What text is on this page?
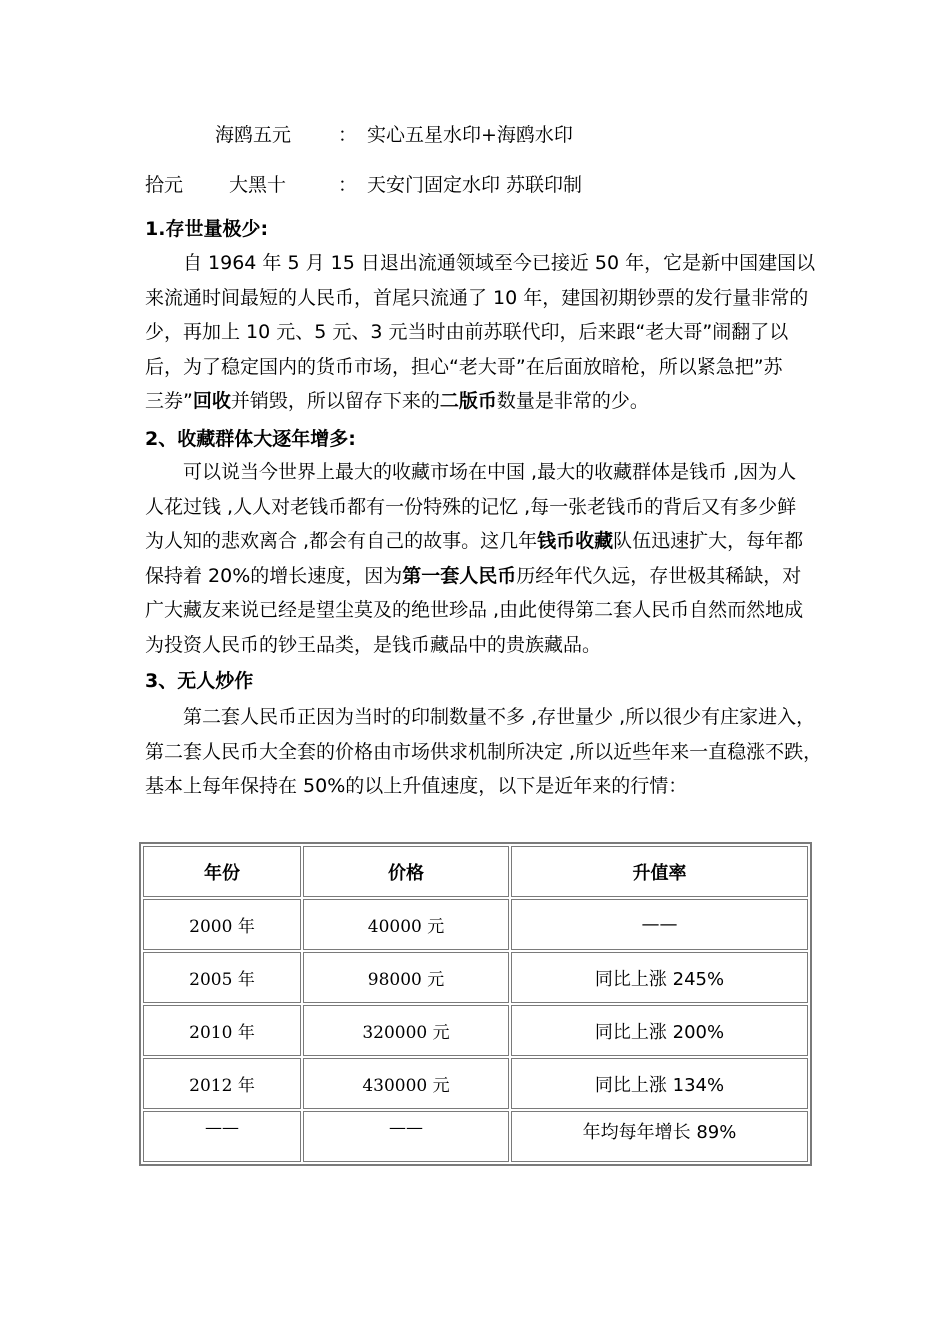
海鸥五元 ： 实心五星水印+海鸥水印
拾元 大黑十	： 天安门固定水印 苏联印制
1.存世量极少:

自 1964 年 5 月 15 日退出流通领域至今已接近 50 年，它是新中国建国以

来流通时间最短的人民币，首尾只流通了 10 年，建国初期钞票的发行量非常的

少，再加上 10 元、5 元、3 元当时由前苏联代印，后来跟“老大哥”闹翻了以

后，为了稳定国内的货币市场，担心“老大哥”在后面放暗枪，所以紧急把”苏

三券”回收并销毁，所以留存下来的二版币数量是非常的少。

2、收藏群体大逐年增多:

可以说当今世界上最大的收藏市场在中国 ,最大的收藏群体是钱币 ,因为人

人花过钱 ,人人对老钱币都有一份特殊的记忆 ,每一张老钱币的背后又有多少鲜

为人知的悲欢离合 ,都会有自己的故事。这几年钱币收藏队伍迅速扩大，每年都

保持着 20%的增长速度，因为第一套人民币历经年代久远，存世极其稀缺，对

广大藏友来说已经是望尘莫及的绝世珍品 ,由此使得第二套人民币自然而然地成

为投资人民币的钞王品类，是钱币藏品中的贵族藏品。

3、无人炒作

第二套人民币正因为当时的印制数量不多 ,存世量少 ,所以很少有庄家进入，

第二套人民币大全套的价格由市场供求机制所决定 ,所以近些年来一直稳涨不跌，

基本上每年保持在 50%的以上升值速度，以下是近年来的行情：

年份	价格	升值率
2000 年	40000 元	——
2005 年	98000 元	同比上涨 245%
2010 年	320000 元	同比上涨 200%
2012 年	430000 元	同比上涨 134%
——	——	年均每年增长 89%
